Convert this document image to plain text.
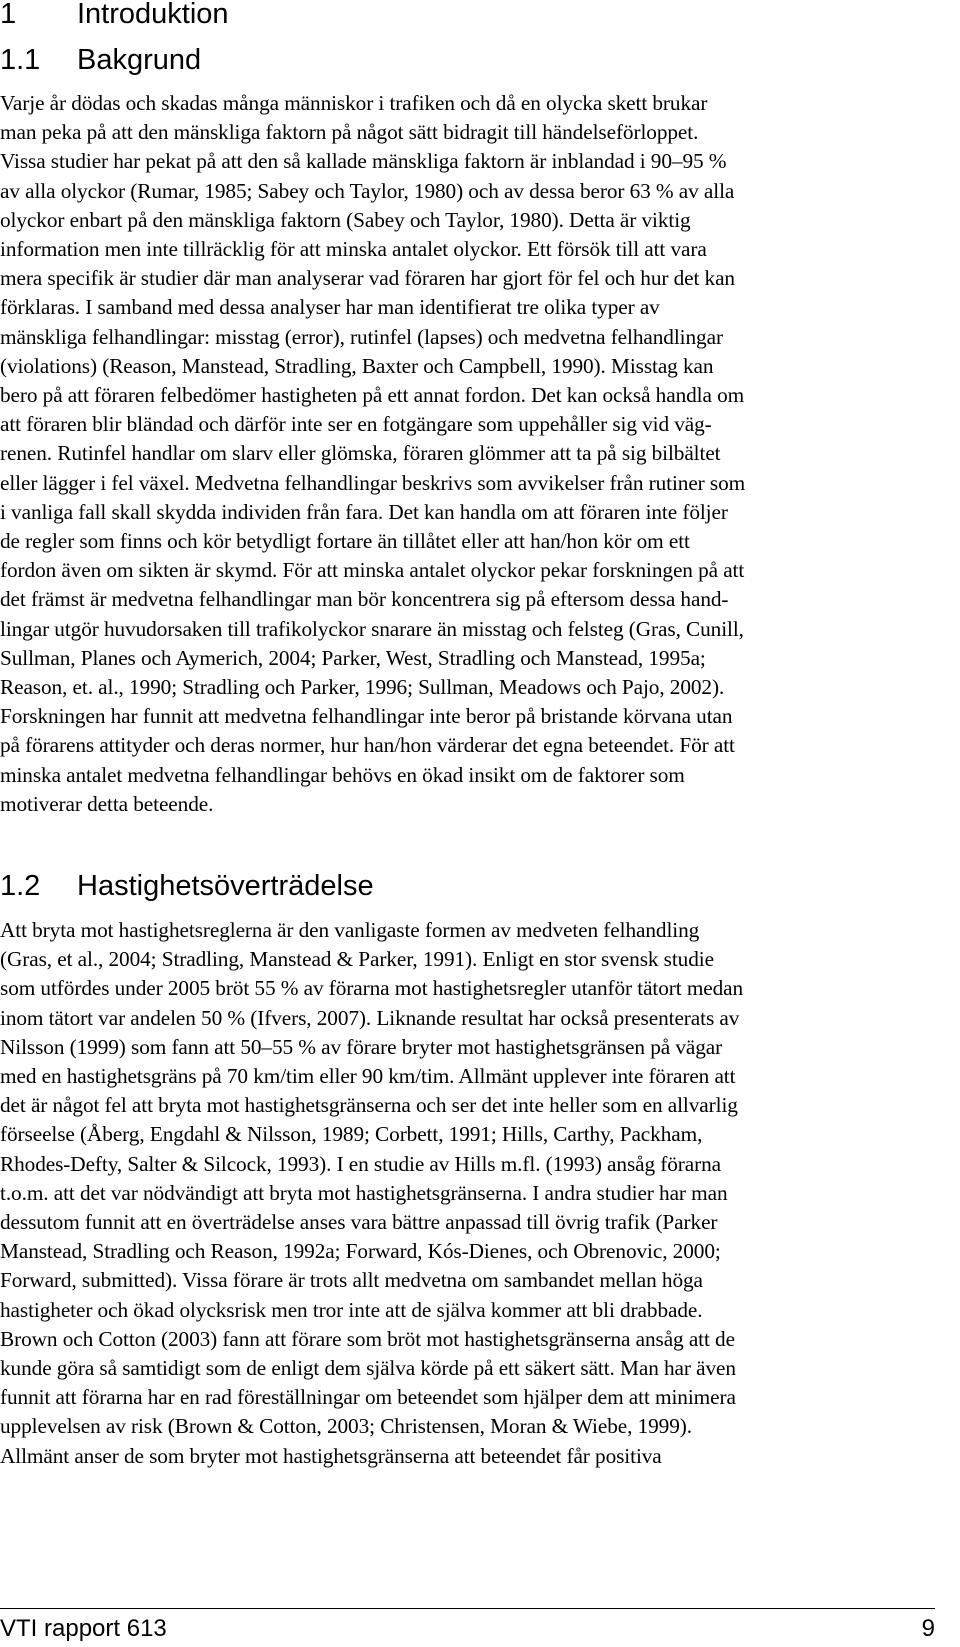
1 Introduktion
1.1 Bakgrund
Varje år dödas och skadas många människor i trafiken och då en olycka skett brukar
man peka på att den mänskliga faktorn på något sätt bidragit till händelseförloppet.
Vissa studier har pekat på att den så kallade mänskliga faktorn är inblandad i 90–95 %
av alla olyckor (Rumar, 1985; Sabey och Taylor, 1980) och av dessa beror 63 % av alla
olyckor enbart på den mänskliga faktorn (Sabey och Taylor, 1980). Detta är viktig
information men inte tillräcklig för att minska antalet olyckor. Ett försök till att vara
mera specifik är studier där man analyserar vad föraren har gjort för fel och hur det kan
förklaras. I samband med dessa analyser har man identifierat tre olika typer av
mänskliga felhandlingar: misstag (error), rutinfel (lapses) och medvetna felhandlingar
(violations) (Reason, Manstead, Stradling, Baxter och Campbell, 1990). Misstag kan
bero på att föraren felbedömer hastigheten på ett annat fordon. Det kan också handla om
att föraren blir bländad och därför inte ser en fotgängare som uppehåller sig vid väg-
renen. Rutinfel handlar om slarv eller glömska, föraren glömmer att ta på sig bilbältet
eller lägger i fel växel. Medvetna felhandlingar beskrivs som avvikelser från rutiner som
i vanliga fall skall skydda individen från fara. Det kan handla om att föraren inte följer
de regler som finns och kör betydligt fortare än tillåtet eller att han/hon kör om ett
fordon även om sikten är skymd. För att minska antalet olyckor pekar forskningen på att
det främst är medvetna felhandlingar man bör koncentrera sig på eftersom dessa hand-
lingar utgör huvudorsaken till trafikolyckor snarare än misstag och felsteg (Gras, Cunill,
Sullman, Planes och Aymerich, 2004; Parker, West, Stradling och Manstead, 1995a;
Reason, et. al., 1990; Stradling och Parker, 1996; Sullman, Meadows och Pajo, 2002).
Forskningen har funnit att medvetna felhandlingar inte beror på bristande körvana utan
på förarens attityder och deras normer, hur han/hon värderar det egna beteendet. För att
minska antalet medvetna felhandlingar behövs en ökad insikt om de faktorer som
motiverar detta beteende.
1.2 Hastighetsöverträdelse
Att bryta mot hastighetsreglerna är den vanligaste formen av medveten felhandling
(Gras, et al., 2004; Stradling, Manstead & Parker, 1991). Enligt en stor svensk studie
som utfördes under 2005 bröt 55 % av förarna mot hastighetsregler utanför tätort medan
inom tätort var andelen 50 % (Ifvers, 2007). Liknande resultat har också presenterats av
Nilsson (1999) som fann att 50–55 % av förare bryter mot hastighetsgränsen på vägar
med en hastighetsgräns på 70 km/tim eller 90 km/tim. Allmänt upplever inte föraren att
det är något fel att bryta mot hastighetsgränserna och ser det inte heller som en allvarlig
förseelse (Åberg, Engdahl & Nilsson, 1989; Corbett, 1991; Hills, Carthy, Packham,
Rhodes-Defty, Salter & Silcock, 1993). I en studie av Hills m.fl. (1993) ansåg förarna
t.o.m. att det var nödvändigt att bryta mot hastighetsgränserna. I andra studier har man
dessutom funnit att en överträdelse anses vara bättre anpassad till övrig trafik (Parker
Manstead, Stradling och Reason, 1992a; Forward, Kós-Dienes, och Obrenovic, 2000;
Forward, submitted). Vissa förare är trots allt medvetna om sambandet mellan höga
hastigheter och ökad olycksrisk men tror inte att de själva kommer att bli drabbade.
Brown och Cotton (2003) fann att förare som bröt mot hastighetsgränserna ansåg att de
kunde göra så samtidigt som de enligt dem själva körde på ett säkert sätt. Man har även
funnit att förarna har en rad föreställningar om beteendet som hjälper dem att minimera
upplevelsen av risk (Brown & Cotton, 2003; Christensen, Moran & Wiebe, 1999).
Allmänt anser de som bryter mot hastighetsgränserna att beteendet får positiva
VTI rapport 613	9
